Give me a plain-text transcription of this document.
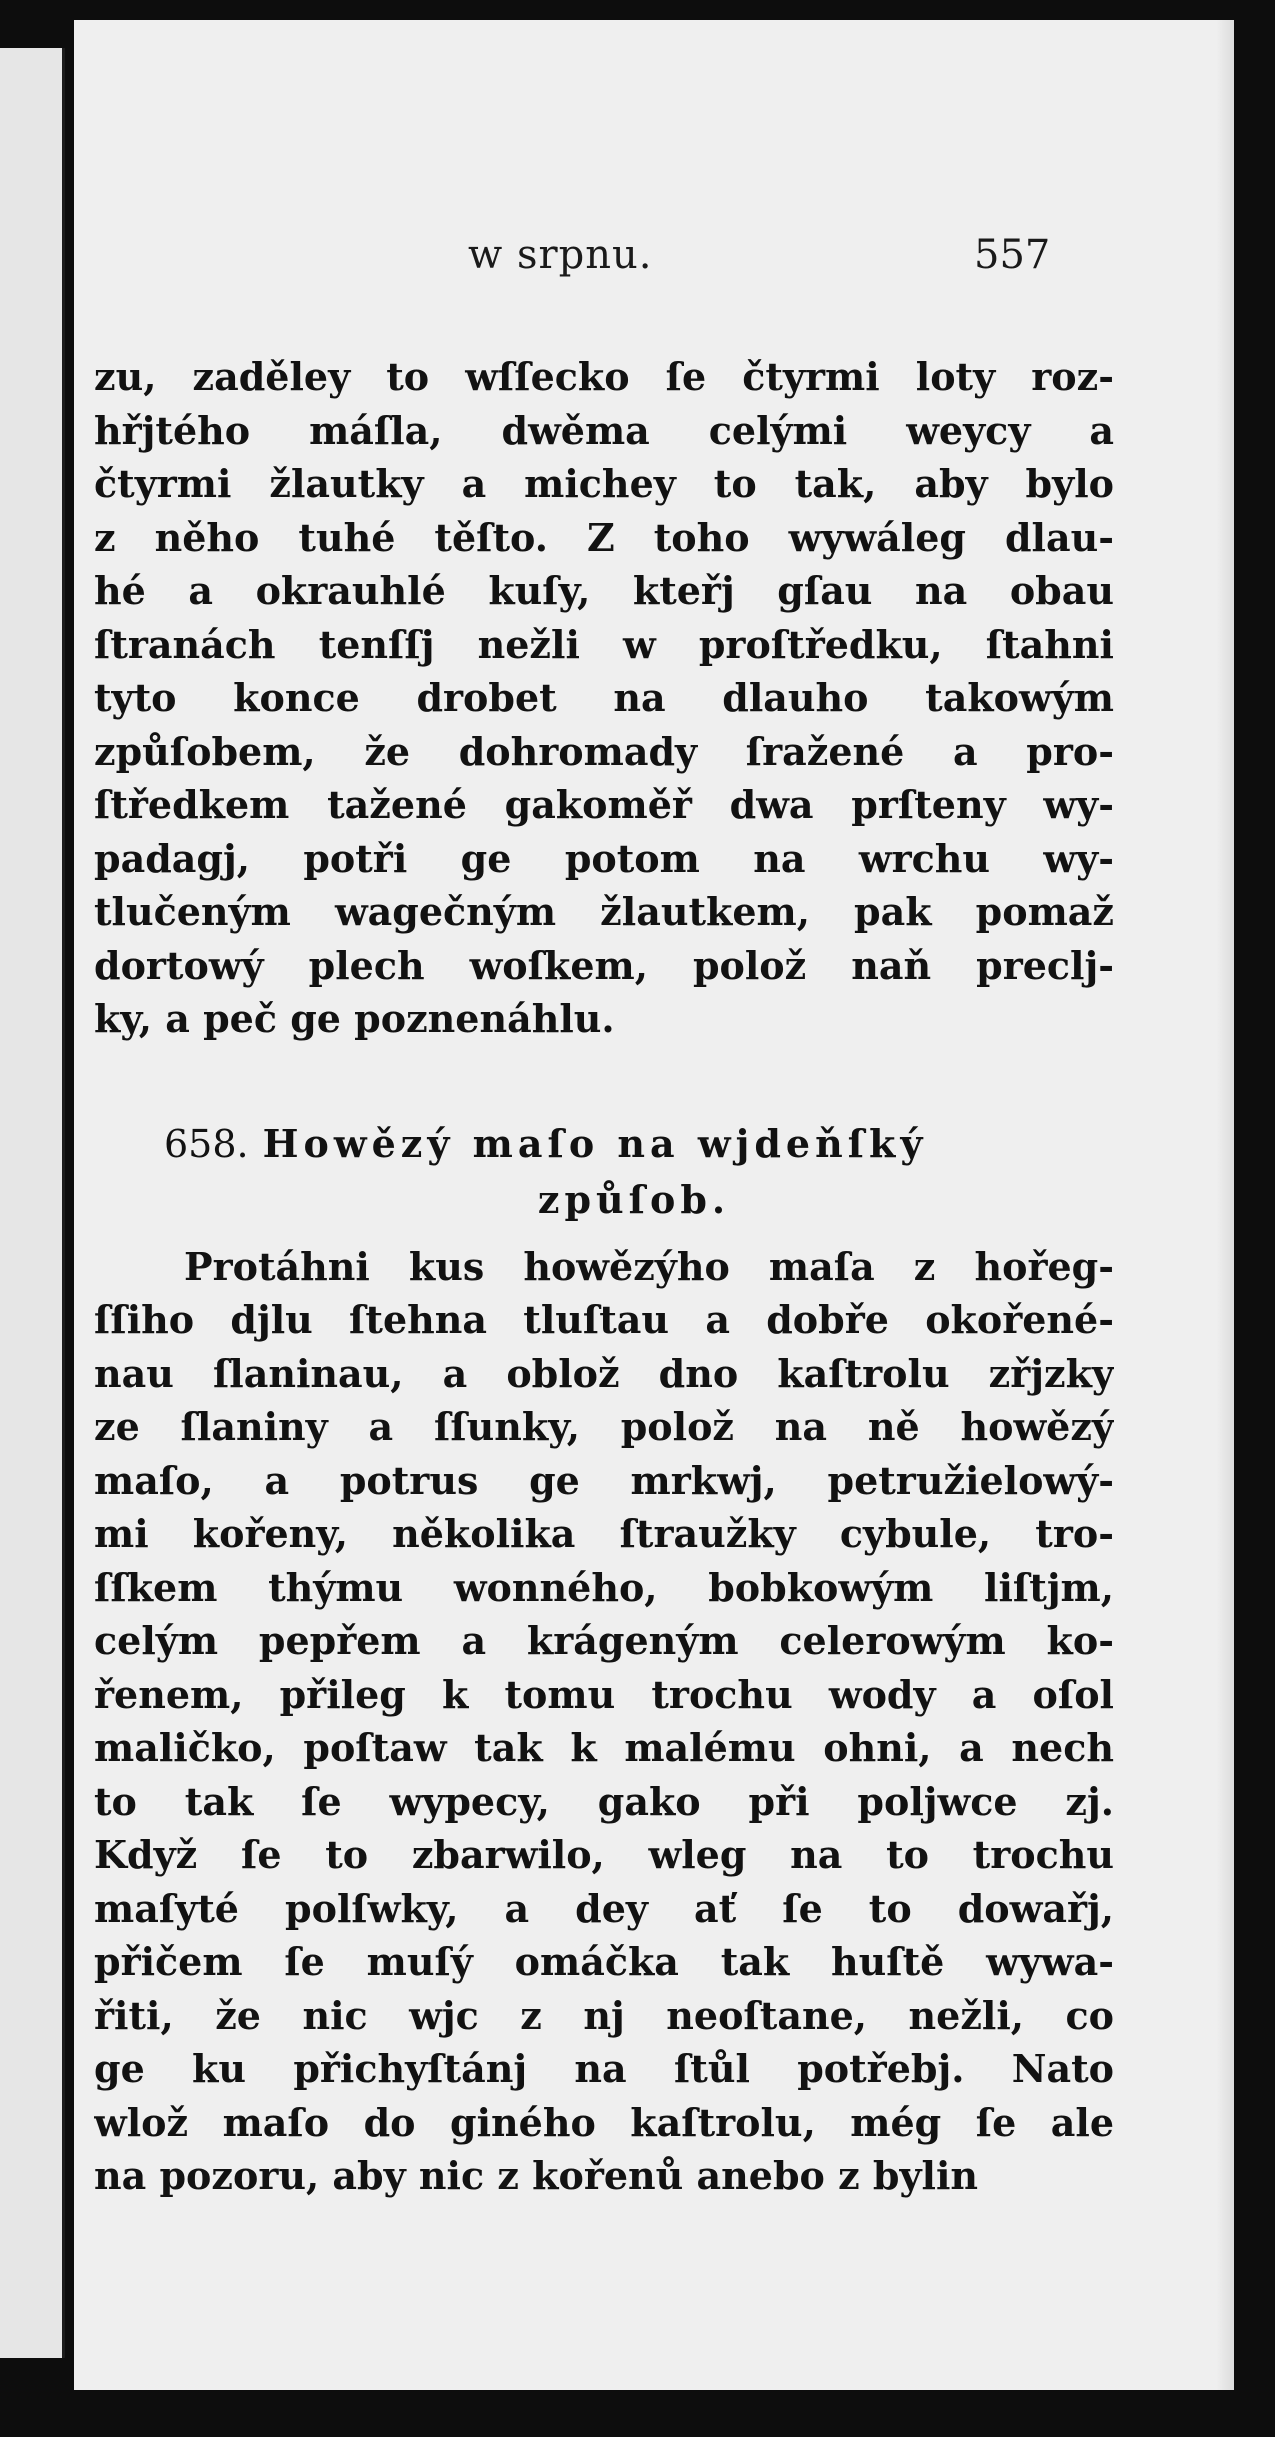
w srpnu.	557
zu, zaděley to wſſecko ſe čtyrmi loty roz-
hřjtého máſla, dwěma celými weycy a
čtyrmi žlautky a michey to tak, aby bylo
z něho tuhé těſto. Z toho wywáleg dlau-
hé a okrauhlé kuſy, kteřj gſau na obau
ſtranách tenſſj nežli w proſtředku, ſtahni
tyto konce drobet na dlauho takowým
způſobem, že dohromady ſražené a pro-
ſtředkem tažené gakoměř dwa prſteny wy-
padagj, potři ge potom na wrchu wy-
tlučeným wagečným žlautkem, pak pomaž
dortowý plech woſkem, polož naň preclj-
ky, a peč ge poznenáhlu.
658. Howězý maſo na wjdeňſký
způſob.
Protáhni kus howězýho maſa z hořeg-
ſſiho djlu ſtehna tluſtau a dobře okořené-
nau ſlaninau, a oblož dno kaſtrolu zřjzky
ze ſlaniny a ſſunky, polož na ně howězý
maſo, a potrus ge mrkwj, petružielowý-
mi kořeny, několika ſtraužky cybule, tro-
ſſkem thýmu wonného, bobkowým liſtjm,
celým pepřem a krágeným celerowým ko-
řenem, přileg k tomu trochu wody a oſol
maličko, poſtaw tak k malému ohni, a nech
to tak ſe wypecy, gako při poljwce zj.
Když ſe to zbarwilo, wleg na to trochu
maſyté polſwky, a dey ať ſe to dowařj,
přičem ſe muſý omáčka tak huſtě wywa-
řiti, že nic wjc z nj neoſtane, nežli, co
ge ku přichyſtánj na ſtůl potřebj. Nato
wlož maſo do giného kaſtrolu, még ſe ale
na pozoru, aby nic z kořenů anebo z bylin
